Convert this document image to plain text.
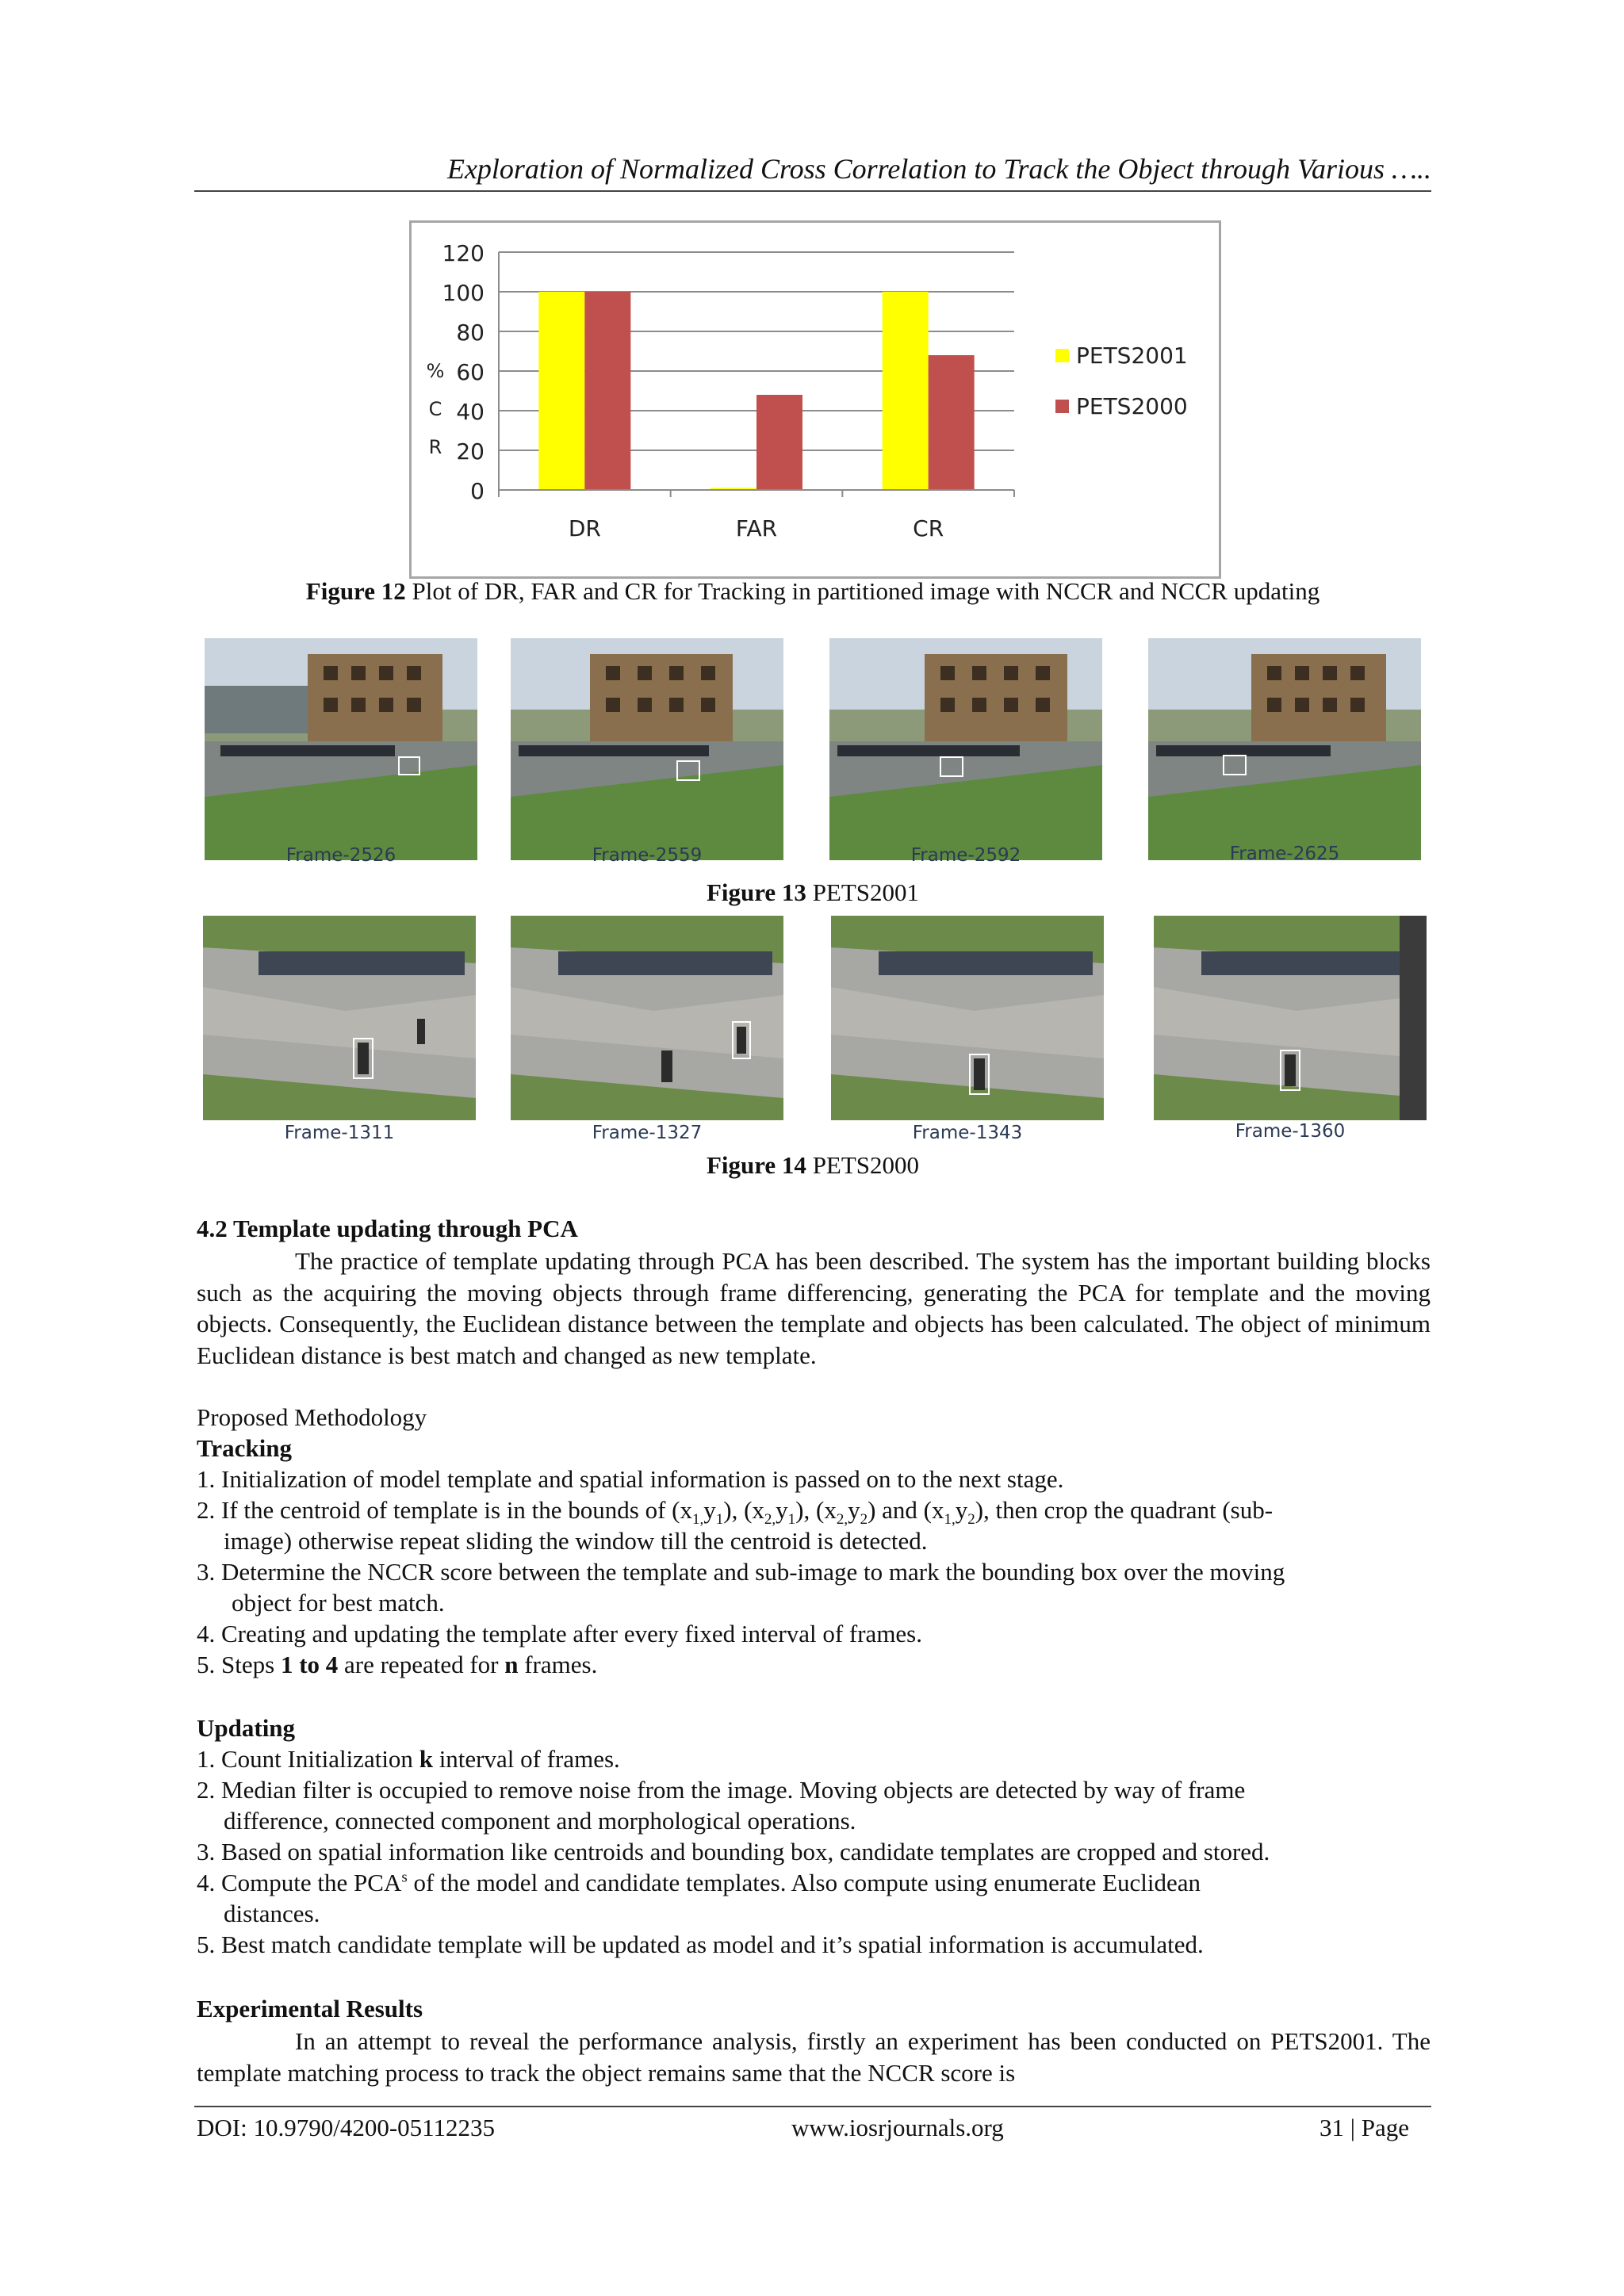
Exploration of Normalized Cross Correlation to Track the Object through Various …..
0
20
40
60
80
100
120
%
C
R
DR	FAR	CR
PETS2001
PETS2000
Figure 12 Plot of DR, FAR and CR for Tracking in partitioned image with NCCR and NCCR updating
Frame-2526	Frame-2559	Frame-2592	Frame-2625
Figure 13 PETS2001
Frame-1311	Frame-1327	Frame-1343	Frame-1360
Figure 14 PETS2000
4.2 Template updating through PCA
The practice of template updating through PCA has been described. The system has the important building blocks such as the acquiring the moving objects through frame differencing, generating the PCA for template and the moving objects. Consequently, the Euclidean distance between the template and objects has been calculated. The object of minimum Euclidean distance is best match and changed as new template.
Proposed Methodology
Tracking
1. Initialization of model template and spatial information is passed on to the next stage.
2. If the centroid of template is in the bounds of $(x_{1,}y_1)$, $(x_{2,}y_1)$, $(x_{2,}y_2)$ and $(x_{1,}y_2)$, then crop the quadrant (sub-
image) otherwise repeat sliding the window till the centroid is detected.
3. Determine the NCCR score between the template and sub-image to mark the bounding box over the moving
object for best match.
4. Creating and updating the template after every fixed interval of frames.
5. Steps 1 to 4 are repeated for n frames.
Updating
1. Count Initialization k interval of frames.
2. Median filter is occupied to remove noise from the image. Moving objects are detected by way of frame
difference, connected component and morphological operations.
3. Based on spatial information like centroids and bounding box, candidate templates are cropped and stored.
4. Compute the PCA$^s$ of the model and candidate templates. Also compute using enumerate Euclidean
distances.
5. Best match candidate template will be updated as model and it’s spatial information is accumulated.
Experimental Results
In an attempt to reveal the performance analysis, firstly an experiment has been conducted on PETS2001. The template matching process to track the object remains same that the NCCR score is
DOI: 10.9790/4200-05112235	www.iosrjournals.org	31 | Page
